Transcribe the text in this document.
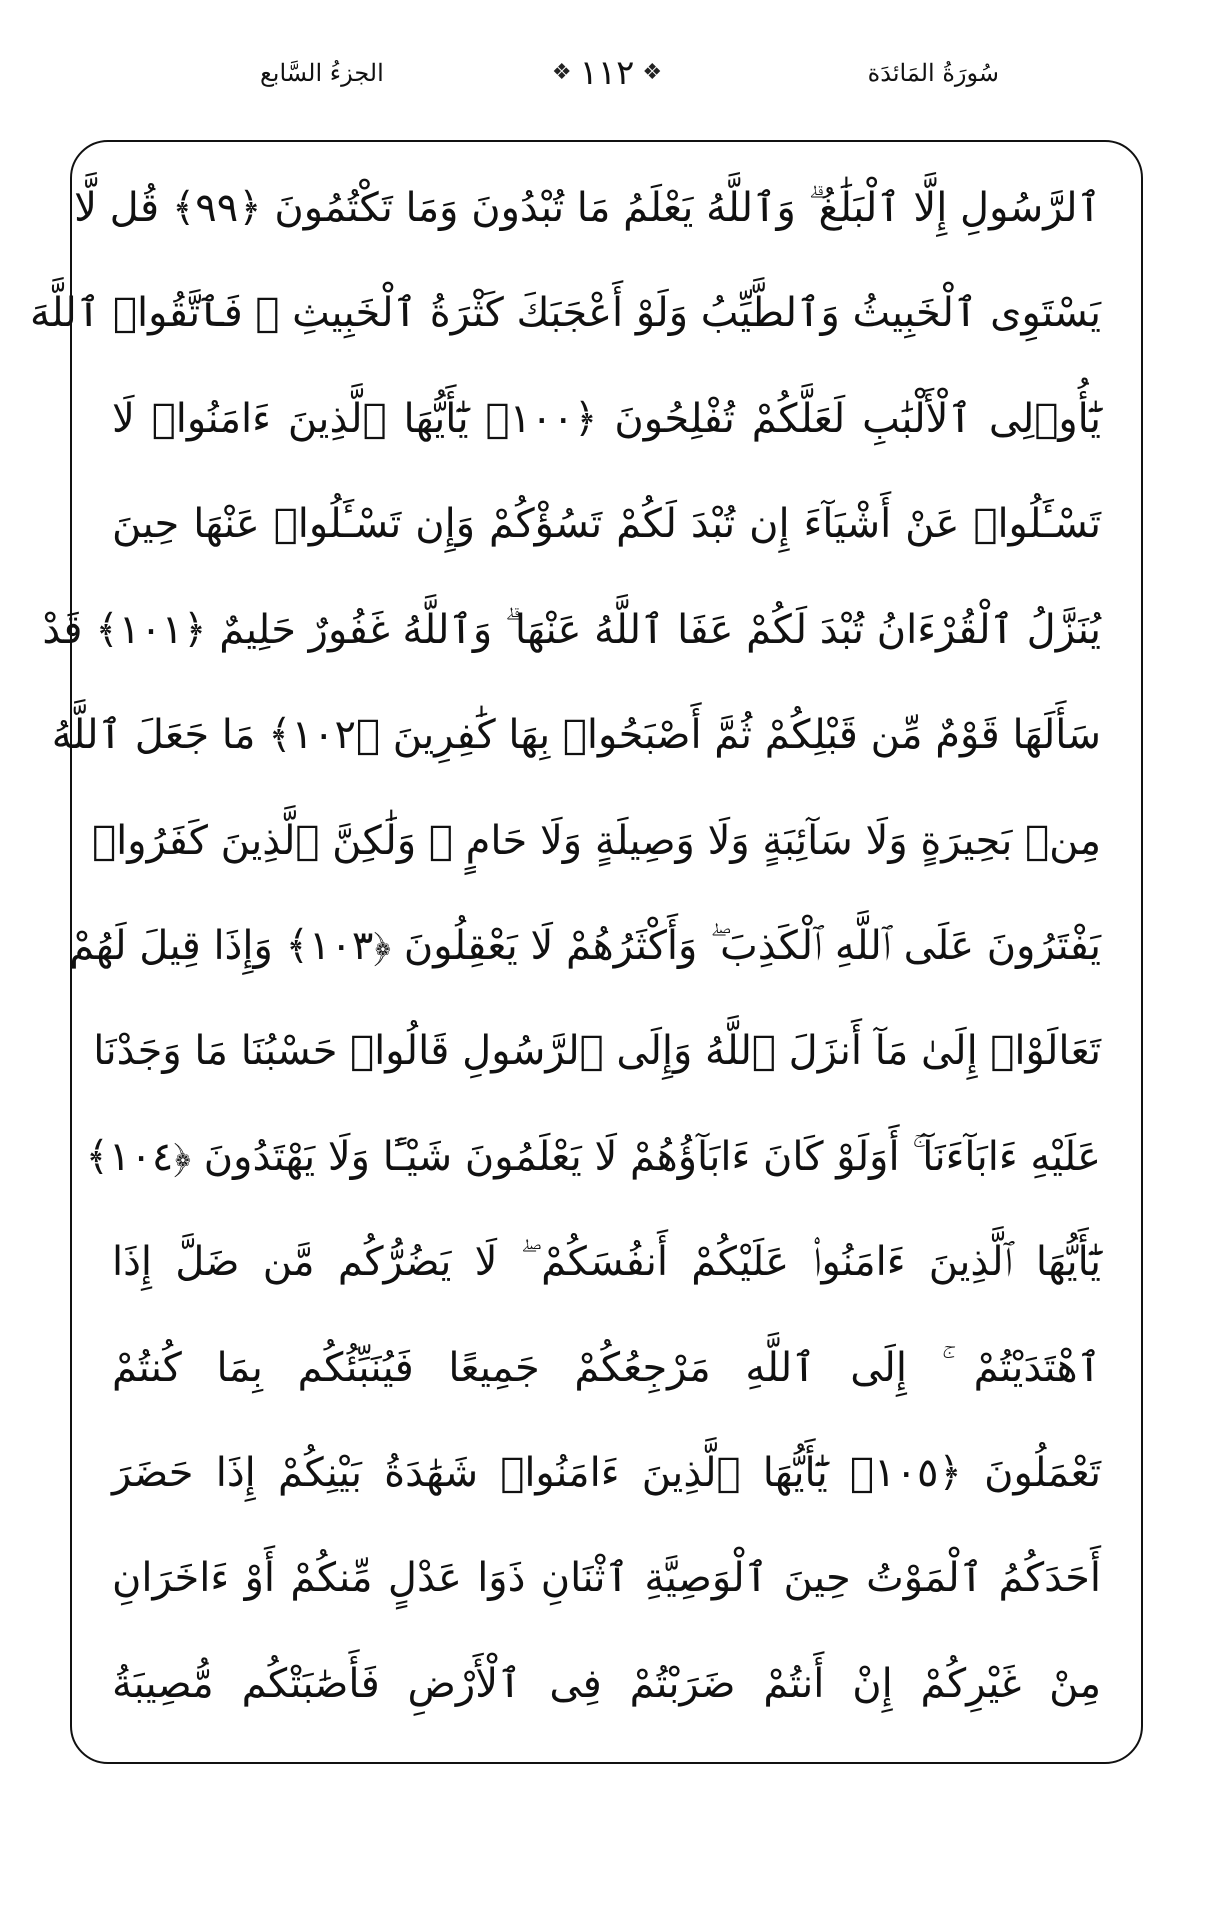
سُورَةُ المَائدَة
❖ ١١٢ ❖
الجزءُ السَّابع
ٱلرَّسُولِ إِلَّا ٱلْبَلَٰغُ ۗ وَٱللَّهُ يَعْلَمُ مَا تُبْدُونَ وَمَا تَكْتُمُونَ ﴿٩٩﴾ قُل لَّا
يَسْتَوِى ٱلْخَبِيثُ وَٱلطَّيِّبُ وَلَوْ أَعْجَبَكَ كَثْرَةُ ٱلْخَبِيثِ ۚ فَٱتَّقُوا۟ ٱللَّهَ
يَٰٓأُو۟لِى ٱلْأَلْبَٰبِ لَعَلَّكُمْ تُفْلِحُونَ ﴿١٠٠﴾ يَٰٓأَيُّهَا ٱلَّذِينَ ءَامَنُوا۟ لَا
تَسْـَٔلُوا۟ عَنْ أَشْيَآءَ إِن تُبْدَ لَكُمْ تَسُؤْكُمْ وَإِن تَسْـَٔلُوا۟ عَنْهَا حِينَ
يُنَزَّلُ ٱلْقُرْءَانُ تُبْدَ لَكُمْ عَفَا ٱللَّهُ عَنْهَا ۗ وَٱللَّهُ غَفُورٌ حَلِيمٌ ﴿١٠١﴾ قَدْ
سَأَلَهَا قَوْمٌ مِّن قَبْلِكُمْ ثُمَّ أَصْبَحُوا۟ بِهَا كَٰفِرِينَ ﴿١٠٢﴾ مَا جَعَلَ ٱللَّهُ
مِنۢ بَحِيرَةٍ وَلَا سَآئِبَةٍ وَلَا وَصِيلَةٍ وَلَا حَامٍ ۙ وَلَٰكِنَّ ٱلَّذِينَ كَفَرُوا۟
يَفْتَرُونَ عَلَى ٱللَّهِ ٱلْكَذِبَ ۖ وَأَكْثَرُهُمْ لَا يَعْقِلُونَ ﴿١٠٣﴾ وَإِذَا قِيلَ لَهُمْ
تَعَالَوْا۟ إِلَىٰ مَآ أَنزَلَ ٱللَّهُ وَإِلَى ٱلرَّسُولِ قَالُوا۟ حَسْبُنَا مَا وَجَدْنَا
عَلَيْهِ ءَابَآءَنَآ ۚ أَوَلَوْ كَانَ ءَابَآؤُهُمْ لَا يَعْلَمُونَ شَيْـًٔا وَلَا يَهْتَدُونَ ﴿١٠٤﴾
يَٰٓأَيُّهَا ٱلَّذِينَ ءَامَنُوا۟ عَلَيْكُمْ أَنفُسَكُمْ ۖ لَا يَضُرُّكُم مَّن ضَلَّ إِذَا
ٱهْتَدَيْتُمْ ۚ إِلَى ٱللَّهِ مَرْجِعُكُمْ جَمِيعًا فَيُنَبِّئُكُم بِمَا كُنتُمْ
تَعْمَلُونَ ﴿١٠٥﴾ يَٰٓأَيُّهَا ٱلَّذِينَ ءَامَنُوا۟ شَهَٰدَةُ بَيْنِكُمْ إِذَا حَضَرَ
أَحَدَكُمُ ٱلْمَوْتُ حِينَ ٱلْوَصِيَّةِ ٱثْنَانِ ذَوَا عَدْلٍ مِّنكُمْ أَوْ ءَاخَرَانِ
مِنْ غَيْرِكُمْ إِنْ أَنتُمْ ضَرَبْتُمْ فِى ٱلْأَرْضِ فَأَصَٰبَتْكُم مُّصِيبَةُ
